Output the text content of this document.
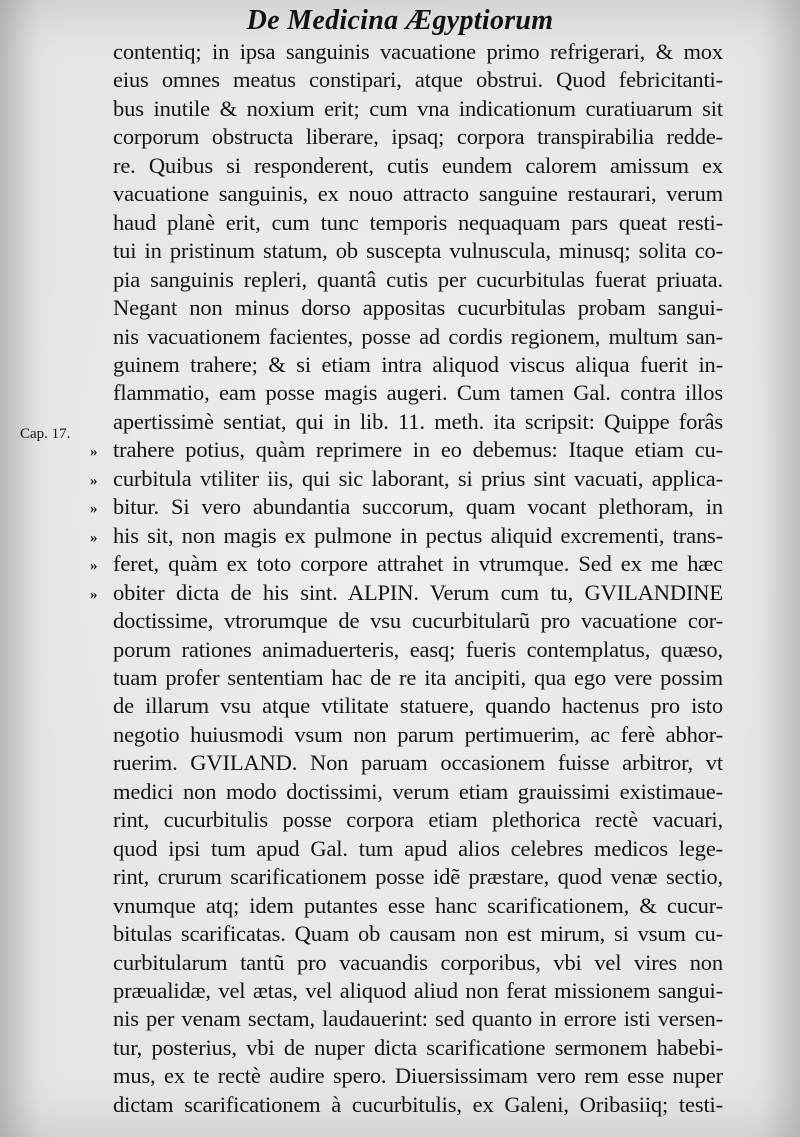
De Medicina Ægyptiorum
Cap. 17.
»
»
»
»
»
»
contentiq; in ipsa sanguinis vacuatione primo refrigerari, & mox
eius omnes meatus constipari, atque obstrui. Quod febricitanti-
bus inutile & noxium erit; cum vna indicationum curatiuarum sit
corporum obstructa liberare, ipsaq; corpora transpirabilia redde-
re. Quibus si responderent, cutis eundem calorem amissum ex
vacuatione sanguinis, ex nouo attracto sanguine restaurari, verum
haud planè erit, cum tunc temporis nequaquam pars queat resti-
tui in pristinum statum, ob susceptа vulnuscula, minusq; solita co-
pia sanguinis repleri, quantâ cutis per cucurbitulas fuerat priuata.
Negant non minus dorso appositas cucurbitulas probam sangui-
nis vacuationem facientes, posse ad cordis regionem, multum san-
guinem trahere; & si etiam intra aliquod viscus aliqua fuerit in-
flammatio, eam posse magis augeri. Cum tamen Gal. contra illos
apertissimè sentiat, qui in lib. 11. meth. ita scripsit: Quippe forâs
trahere potius, quàm reprimere in eo debemus: Itaque etiam cu-
curbitula vtiliter iis, qui sic laborant, si prius sint vacuati, applica-
bitur. Si vero abundantia succorum, quam vocant plethoram, in
his sit, non magis ex pulmone in pectus aliquid excrementi, trans-
feret, quàm ex toto corpore attrahet in vtrumque. Sed ex me hæc
obiter dicta de his sint. ALPIN. Verum cum tu, GVILANDINE
doctissime, vtrorumque de vsu cucurbitularũ pro vacuatione cor-
porum rationes animaduerteris, easq; fueris contemplatus, quæso,
tuam profer sententiam hac de re ita ancipiti, qua ego vere possim
de illarum vsu atque vtilitate statuere, quando hactenus pro isto
negotio huiusmodi vsum non parum pertimuerim, ac ferè abhor-
ruerim. GVILAND. Non paruam occasionem fuisse arbitror, vt
medici non modo doctissimi, verum etiam grauissimi existimaue-
rint, cucurbitulis posse corpora etiam plethorica rectè vacuari,
quod ipsi tum apud Gal. tum apud alios celebres medicos lege-
rint, crurum scarificationem posse idẽ præstare, quod venæ sectio,
vnumque atq; idem putantes esse hanc scarificationem, & cucur-
bitulas scarificatas. Quam ob causam non est mirum, si vsum cu-
curbitularum tantũ pro vacuandis corporibus, vbi vel vires non
præualidæ, vel ætas, vel aliquod aliud non ferat missionem sangui-
nis per venam sectam, laudauerint: sed quanto in errore isti versen-
tur, posterius, vbi de nuper dicta scarificatione sermonem habebi-
mus, ex te rectè audire spero. Diuersissimam vero rem esse nuper
dictam scarificationem à cucurbitulis, ex Galeni, Oribasiiq; testi-
